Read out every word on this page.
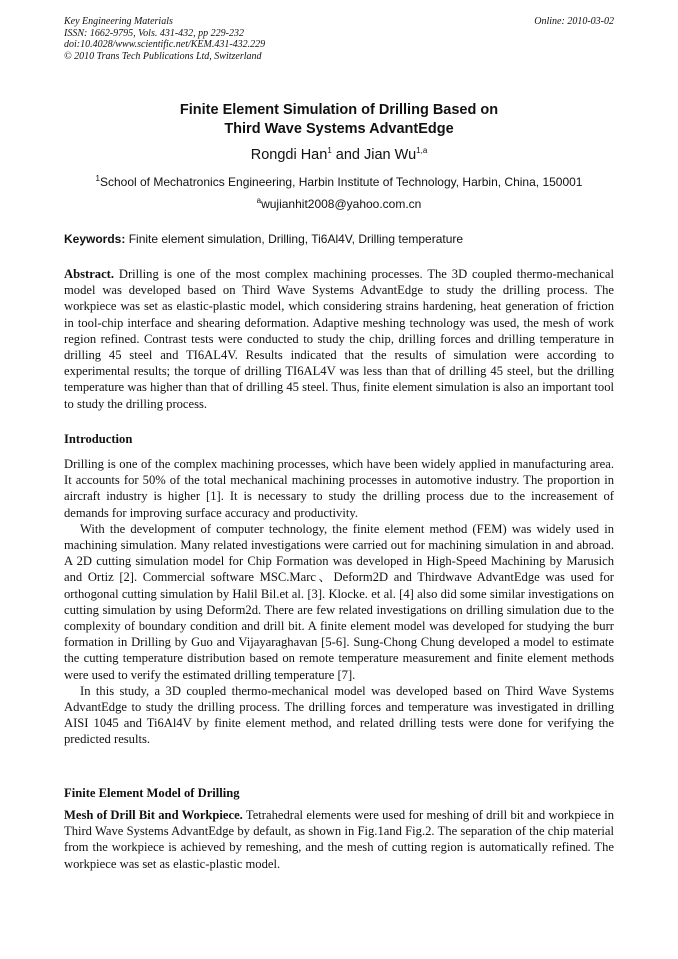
Key Engineering Materials
ISSN: 1662-9795, Vols. 431-432, pp 229-232
doi:10.4028/www.scientific.net/KEM.431-432.229
© 2010 Trans Tech Publications Ltd, Switzerland
Online: 2010-03-02
Finite Element Simulation of Drilling Based on
Third Wave Systems AdvantEdge
Rongdi Han$^1$ and Jian Wu$^{1,a}$
$^1$School of Mechatronics Engineering, Harbin Institute of Technology, Harbin, China, 150001
$^a$wujianhit2008@yahoo.com.cn
Keywords: Finite element simulation, Drilling, Ti6Al4V, Drilling temperature

Abstract. Drilling is one of the most complex machining processes. The 3D coupled thermo-mechanical model was developed based on Third Wave Systems AdvantEdge to study the drilling process. The workpiece was set as elastic-plastic model, which considering strains hardening, heat generation of friction in tool-chip interface and shearing deformation. Adaptive meshing technology was used, the mesh of work region refined. Contrast tests were conducted to study the chip, drilling forces and drilling temperature in drilling 45 steel and TI6AL4V. Results indicated that the results of simulation were according to experimental results; the torque of drilling TI6AL4V was less than that of drilling 45 steel, but the drilling temperature was higher than that of drilling 45 steel. Thus, finite element simulation is also an important tool to study the drilling process.

Introduction

Drilling is one of the complex machining processes, which have been widely applied in manufacturing area. It accounts for 50% of the total mechanical machining processes in automotive industry. The proportion in aircraft industry is higher [1]. It is necessary to study the drilling process due to the increasement of demands for improving surface accuracy and productivity.

With the development of computer technology, the finite element method (FEM) was widely used in machining simulation. Many related investigations were carried out for machining simulation in and abroad. A 2D cutting simulation model for Chip Formation was developed in High-Speed Machining by Marusich and Ortiz [2]. Commercial software MSC.Marc、Deform2D and Thirdwave AdvantEdge was used for orthogonal cutting simulation by Halil Bil.et al. [3]. Klocke. et al. [4] also did some similar investigations on cutting simulation by using Deform2d. There are few related investigations on drilling simulation due to the complexity of boundary condition and drill bit. A finite element model was developed for studying the burr formation in Drilling by Guo and Vijayaraghavan [5-6]. Sung-Chong Chung developed a model to estimate the cutting temperature distribution based on remote temperature measurement and finite element methods were used to verify the estimated drilling temperature [7].

In this study, a 3D coupled thermo-mechanical model was developed based on Third Wave Systems AdvantEdge to study the drilling process. The drilling forces and temperature was investigated in drilling AISI 1045 and Ti6Al4V by finite element method, and related drilling tests were done for verifying the predicted results.

Finite Element Model of Drilling

Mesh of Drill Bit and Workpiece. Tetrahedral elements were used for meshing of drill bit and workpiece in Third Wave Systems AdvantEdge by default, as shown in Fig.1and Fig.2. The separation of the chip material from the workpiece is achieved by remeshing, and the mesh of cutting region is automatically refined. The workpiece was set as elastic-plastic model.
